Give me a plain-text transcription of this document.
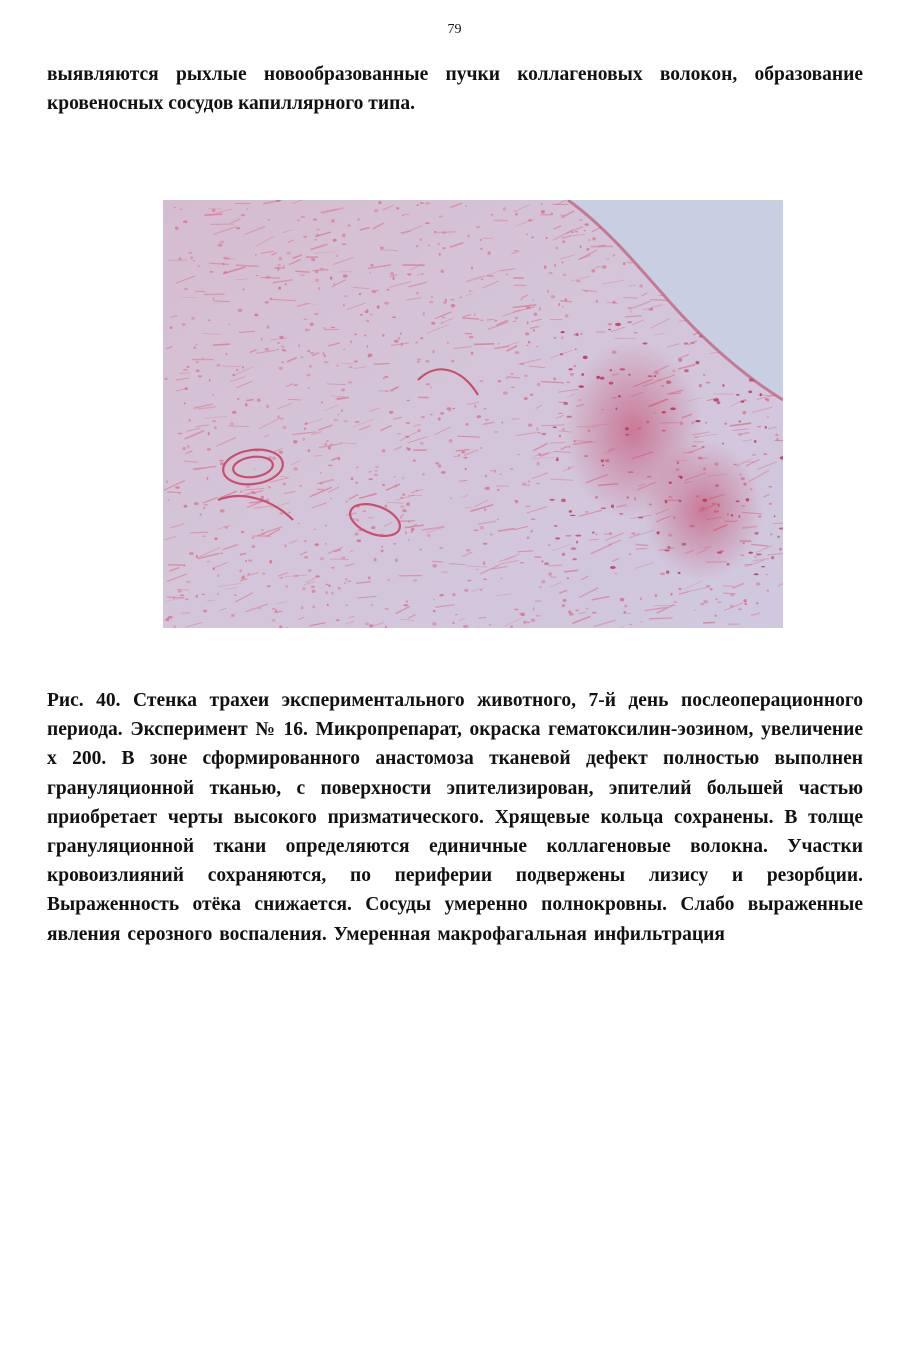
79

выявляются рыхлые новообразованные пучки коллагеновых волокон, образование кровеносных сосудов капиллярного типа.

Рис. 40. Стенка трахеи экспериментального животного, 7-й день послеоперационного периода. Эксперимент № 16. Микропрепарат, окраска гематоксилин-эозином, увеличение х 200. В зоне сформированного анастомоза тканевой дефект полностью выполнен грануляционной тканью, с поверхности эпителизирован, эпителий большей частью приобретает черты высокого призматического. Хрящевые кольца сохранены. В толще грануляционной ткани определяются единичные коллагеновые волокна. Участки кровоизлияний сохраняются, по периферии подвержены лизису и резорбции. Выраженность отёка снижается. Сосуды умеренно полнокровны. Слабо выраженные явления серозного воспаления. Умеренная макрофагальная инфильтрация
